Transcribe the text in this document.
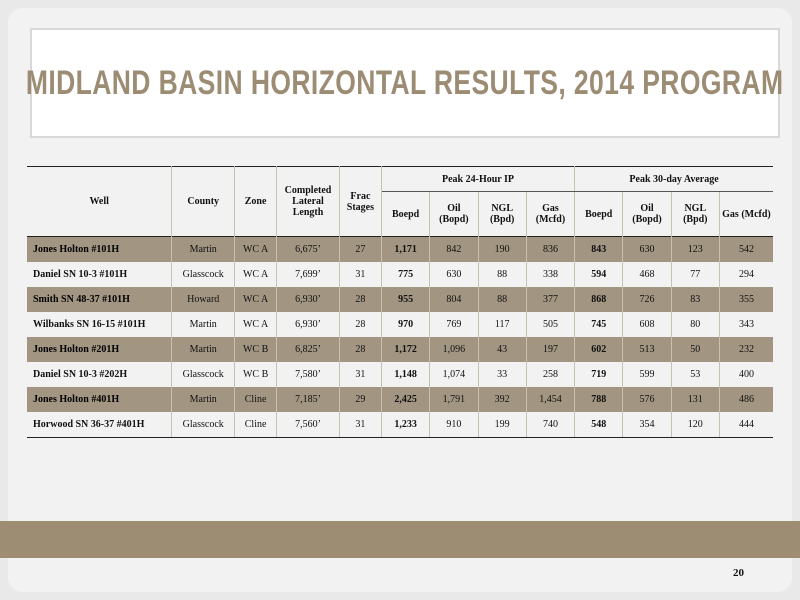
MIDLAND BASIN HORIZONTAL RESULTS, 2014 PROGRAM
Well	County	Zone	Completed Lateral Length	Frac Stages	Peak 24-Hour IP				Peak 30-day Average			
					Boepd	Oil (Bopd)	NGL (Bpd)	Gas (Mcfd)	Boepd	Oil (Bopd)	NGL (Bpd)	Gas (Mcfd)
Jones Holton #101H	Martin	WC A	6,675’	27	1,171	842	190	836	843	630	123	542
Daniel SN 10-3 #101H	Glasscock	WC A	7,699’	31	775	630	88	338	594	468	77	294
Smith SN 48-37 #101H	Howard	WC A	6,930’	28	955	804	88	377	868	726	83	355
Wilbanks SN 16-15 #101H	Martin	WC A	6,930’	28	970	769	117	505	745	608	80	343
Jones Holton #201H	Martin	WC B	6,825’	28	1,172	1,096	43	197	602	513	50	232
Daniel SN 10-3 #202H	Glasscock	WC B	7,580’	31	1,148	1,074	33	258	719	599	53	400
Jones Holton #401H	Martin	Cline	7,185’	29	2,425	1,791	392	1,454	788	576	131	486
Horwood SN 36-37 #401H	Glasscock	Cline	7,560’	31	1,233	910	199	740	548	354	120	444
20
